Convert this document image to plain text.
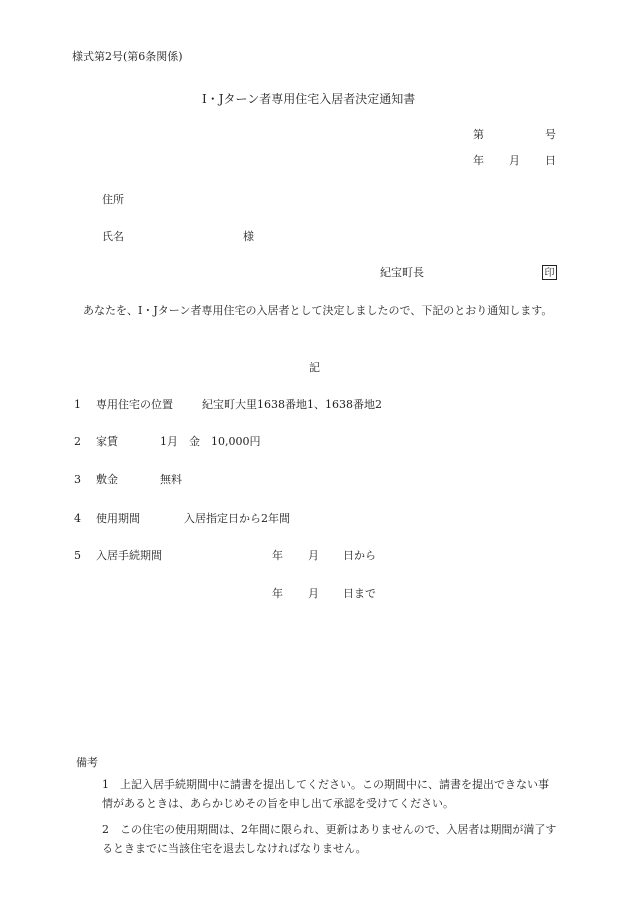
様式第2号(第6条関係)
I・Jターン者専用住宅入居者決定通知書
第	号
年 月 日
住所
氏名	様
紀宝町長	印
あなたを、I・Jターン者専用住宅の入居者として決定しましたので、下記のとおり通知します。
記
1 専用住宅の位置	紀宝町大里1638番地1、1638番地2
2 家賃	1月　金　10,000円
3 敷金	無料
4 使用期間	入居指定日から2年間
5 入居手続期間	年 月 日から
年 月 日まで
備考
1	上記入居手続期間中に請書を提出してください。この期間中に、請書を提出できない事情があるときは、あらかじめその旨を申し出て承認を受けてください。
2	この住宅の使用期間は、2年間に限られ、更新はありませんので、入居者は期間が満了するときまでに当該住宅を退去しなければなりません。
